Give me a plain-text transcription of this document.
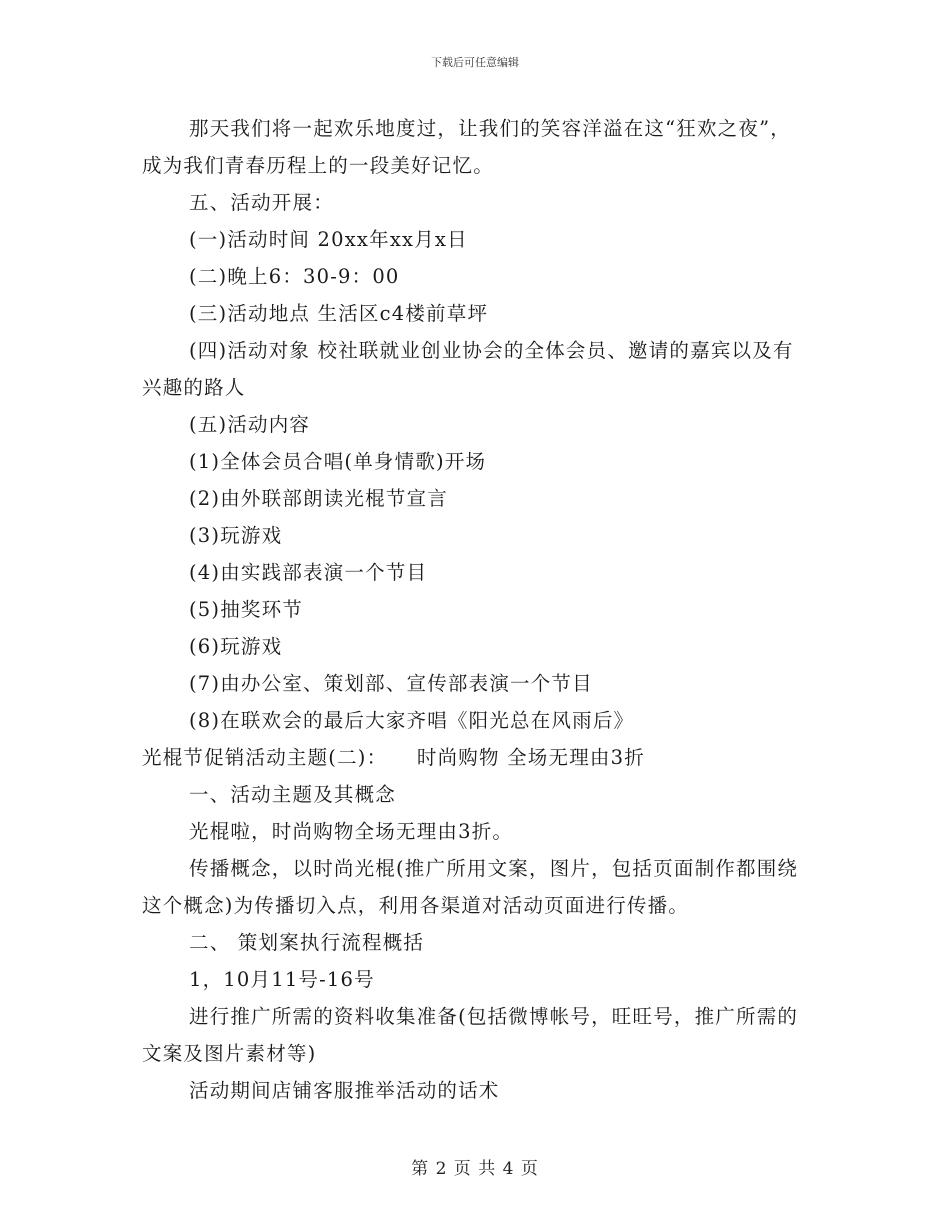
下载后可任意编辑

那天我们将一起欢乐地度过，让我们的笑容洋溢在这“狂欢之夜”，成为我们青春历程上的一段美好记忆。

五、活动开展：

(一)活动时间 20xx年xx月x日

(二)晚上6：30-9：00

(三)活动地点 生活区c4楼前草坪

(四)活动对象 校社联就业创业协会的全体会员、邀请的嘉宾以及有兴趣的路人

(五)活动内容

(1)全体会员合唱(单身情歌)开场

(2)由外联部朗读光棍节宣言

(3)玩游戏

(4)由实践部表演一个节目

(5)抽奖环节

(6)玩游戏

(7)由办公室、策划部、宣传部表演一个节目

(8)在联欢会的最后大家齐唱《阳光总在风雨后》

光棍节促销活动主题(二)：    时尚购物 全场无理由3折

一、活动主题及其概念

光棍啦，时尚购物全场无理由3折。

传播概念，以时尚光棍(推广所用文案，图片，包括页面制作都围绕这个概念)为传播切入点，利用各渠道对活动页面进行传播。

二、 策划案执行流程概括

1，10月11号-16号

进行推广所需的资料收集准备(包括微博帐号，旺旺号，推广所需的文案及图片素材等)

活动期间店铺客服推举活动的话术

第 2 页 共 4 页
